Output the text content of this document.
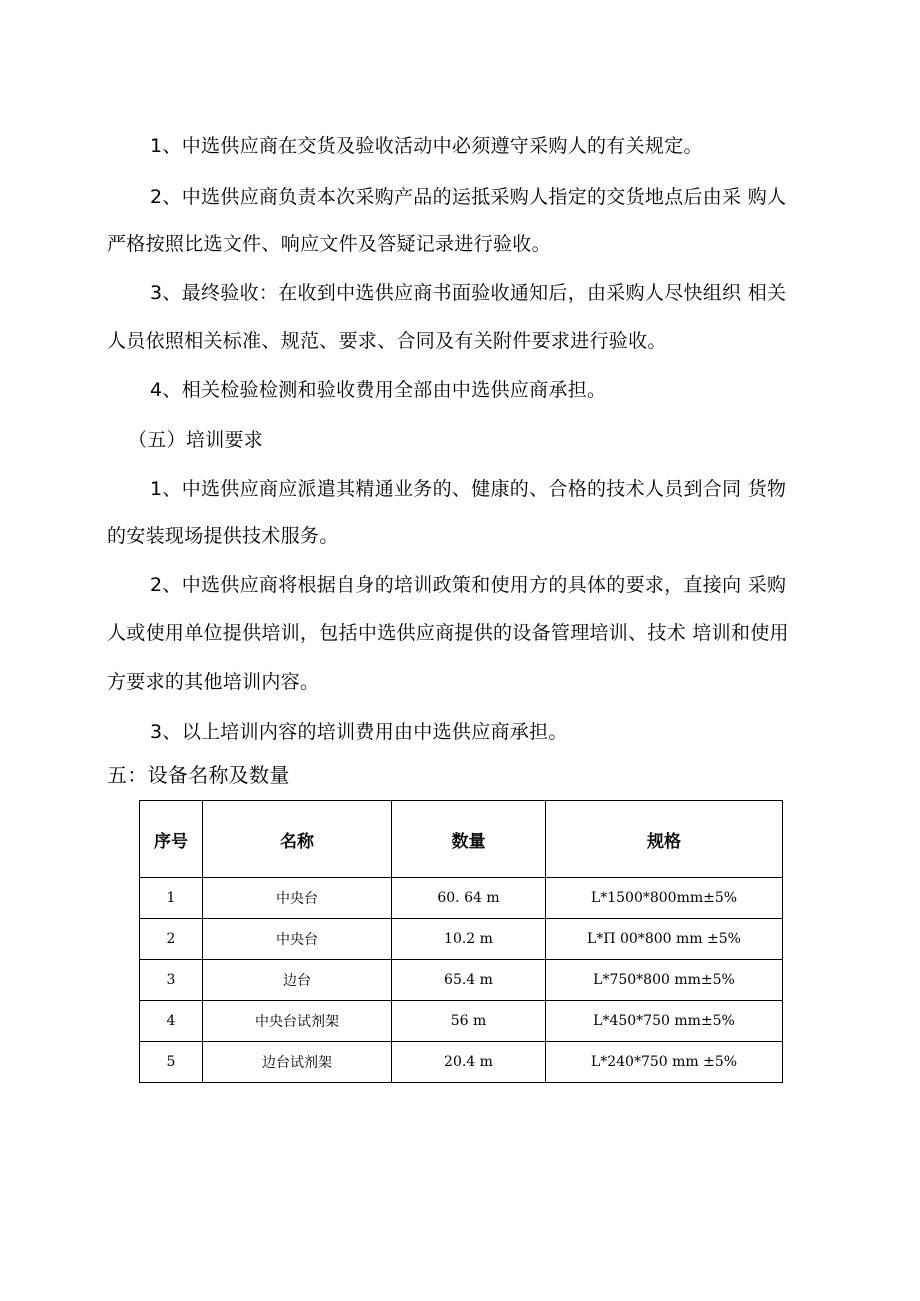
1、中选供应商在交货及验收活动中必须遵守采购人的有关规定。
2、中选供应商负责本次采购产品的运抵采购人指定的交货地点后由采 购人
严格按照比选文件、响应文件及答疑记录进行验收。
3、最终验收：在收到中选供应商书面验收通知后，由采购人尽快组织 相关
人员依照相关标准、规范、要求、合同及有关附件要求进行验收。
4、相关检验检测和验收费用全部由中选供应商承担。
（五）培训要求
1、中选供应商应派遣其精通业务的、健康的、合格的技术人员到合同 货物
的安装现场提供技术服务。
2、中选供应商将根据自身的培训政策和使用方的具体的要求，直接向 采购
人或使用单位提供培训，包括中选供应商提供的设备管理培训、技术 培训和使用
方要求的其他培训内容。
3、以上培训内容的培训费用由中选供应商承担。
五：设备名称及数量
序号	名称	数量	规格
1	中央台	60. 64 m	L*1500*800mm±5%
2	中央台	10.2 m	L*Π 00*800 mm ±5%
3	边台	65.4 m	L*750*800 mm±5%
4	中央台试剂架	56 m	L*450*750 mm±5%
5	边台试剂架	20.4 m	L*240*750 mm ±5%
